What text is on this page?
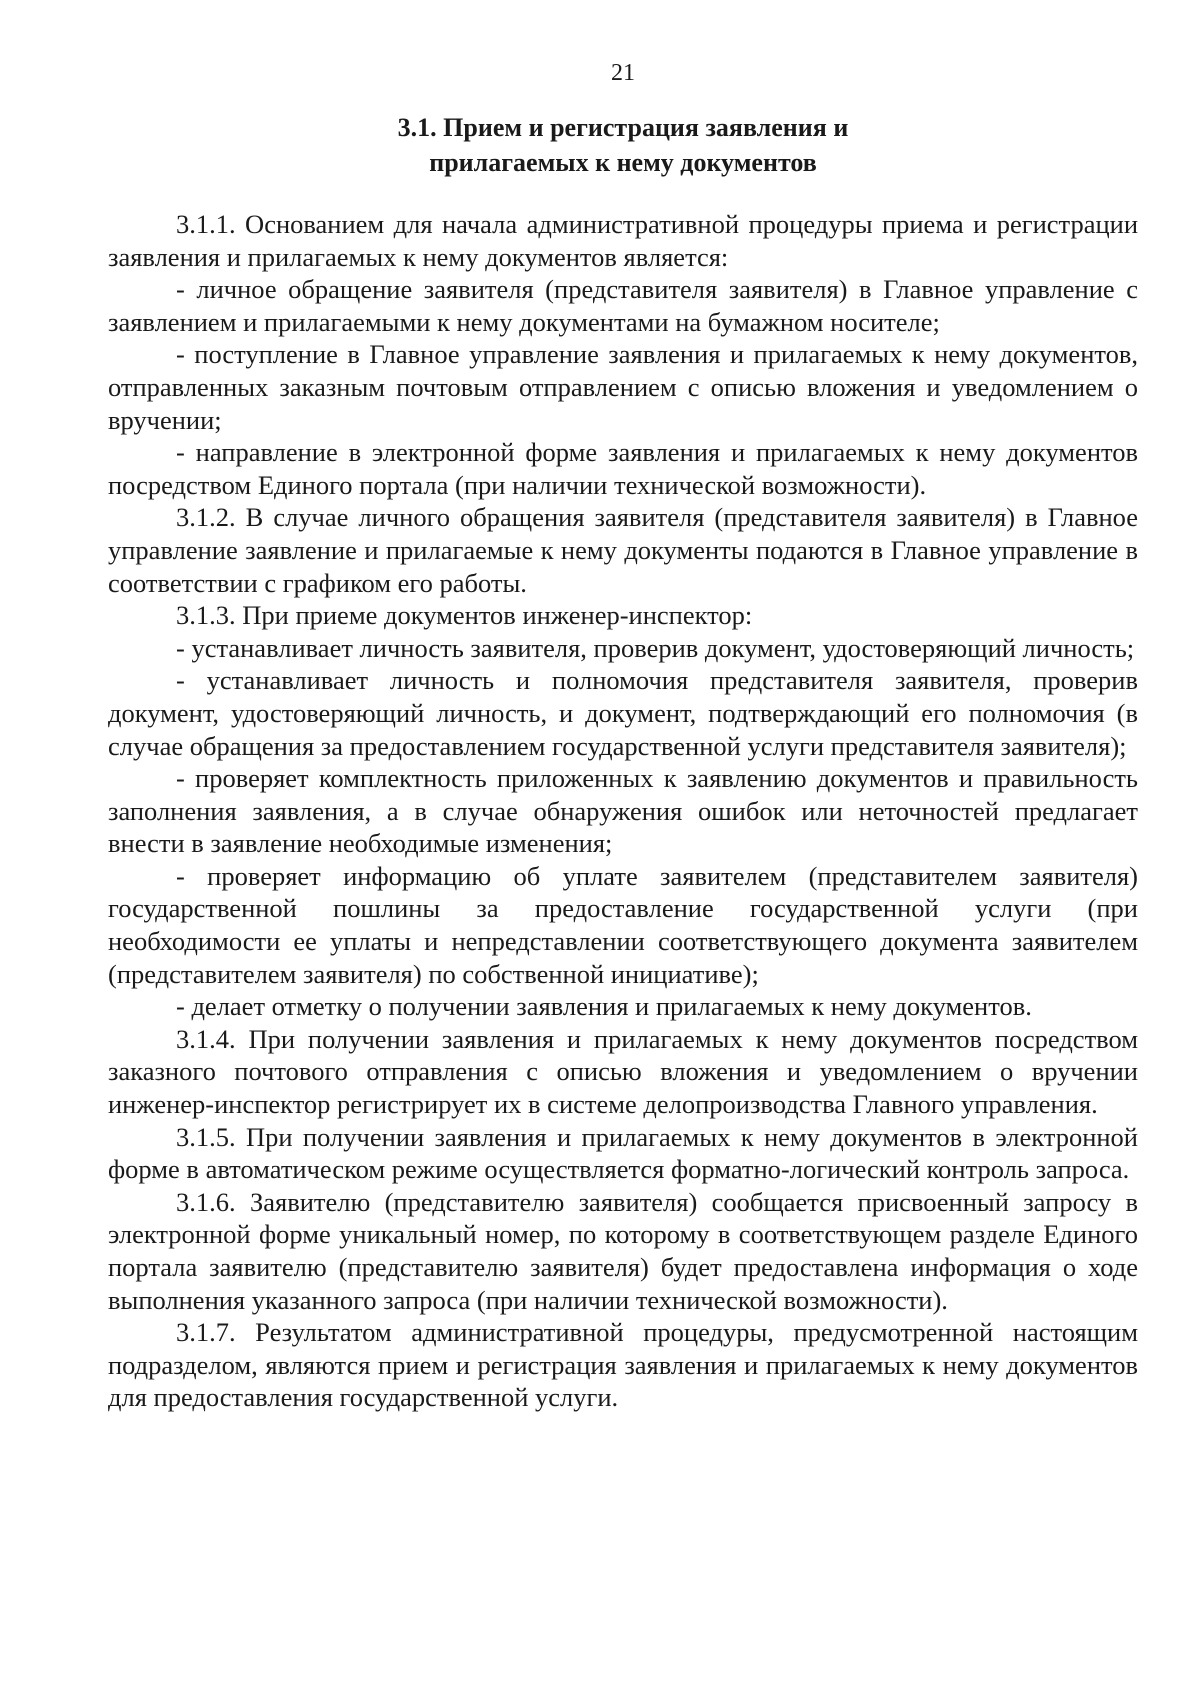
21
3.1. Прием и регистрация заявления и
прилагаемых к нему документов

3.1.1. Основанием для начала административной процедуры приема и регистрации заявления и прилагаемых к нему документов является:

- личное обращение заявителя (представителя заявителя) в Главное управление с заявлением и прилагаемыми к нему документами на бумажном носителе;

- поступление в Главное управление заявления и прилагаемых к нему документов, отправленных заказным почтовым отправлением с описью вложения и уведомлением о вручении;

- направление в электронной форме заявления и прилагаемых к нему документов посредством Единого портала (при наличии технической возможности).

3.1.2. В случае личного обращения заявителя (представителя заявителя) в Главное управление заявление и прилагаемые к нему документы подаются в Главное управление в соответствии с графиком его работы.

3.1.3. При приеме документов инженер-инспектор:

- устанавливает личность заявителя, проверив документ, удостоверяющий личность;

- устанавливает личность и полномочия представителя заявителя, проверив документ, удостоверяющий личность, и документ, подтверждающий его полномочия (в случае обращения за предоставлением государственной услуги представителя заявителя);

- проверяет комплектность приложенных к заявлению документов и правильность заполнения заявления, а в случае обнаружения ошибок или неточностей предлагает внести в заявление необходимые изменения;

- проверяет информацию об уплате заявителем (представителем заявителя) государственной пошлины за предоставление государственной услуги (при необходимости ее уплаты и непредставлении соответствующего документа заявителем (представителем заявителя) по собственной инициативе);

- делает отметку о получении заявления и прилагаемых к нему документов.

3.1.4. При получении заявления и прилагаемых к нему документов посредством заказного почтового отправления с описью вложения и уведомлением о вручении инженер-инспектор регистрирует их в системе делопроизводства Главного управления.

3.1.5. При получении заявления и прилагаемых к нему документов в электронной форме в автоматическом режиме осуществляется форматно-логический контроль запроса.

3.1.6. Заявителю (представителю заявителя) сообщается присвоенный запросу в электронной форме уникальный номер, по которому в соответствующем разделе Единого портала заявителю (представителю заявителя) будет предоставлена информация о ходе выполнения указанного запроса (при наличии технической возможности).

3.1.7. Результатом административной процедуры, предусмотренной настоящим подразделом, являются прием и регистрация заявления и прилагаемых к нему документов для предоставления государственной услуги.
